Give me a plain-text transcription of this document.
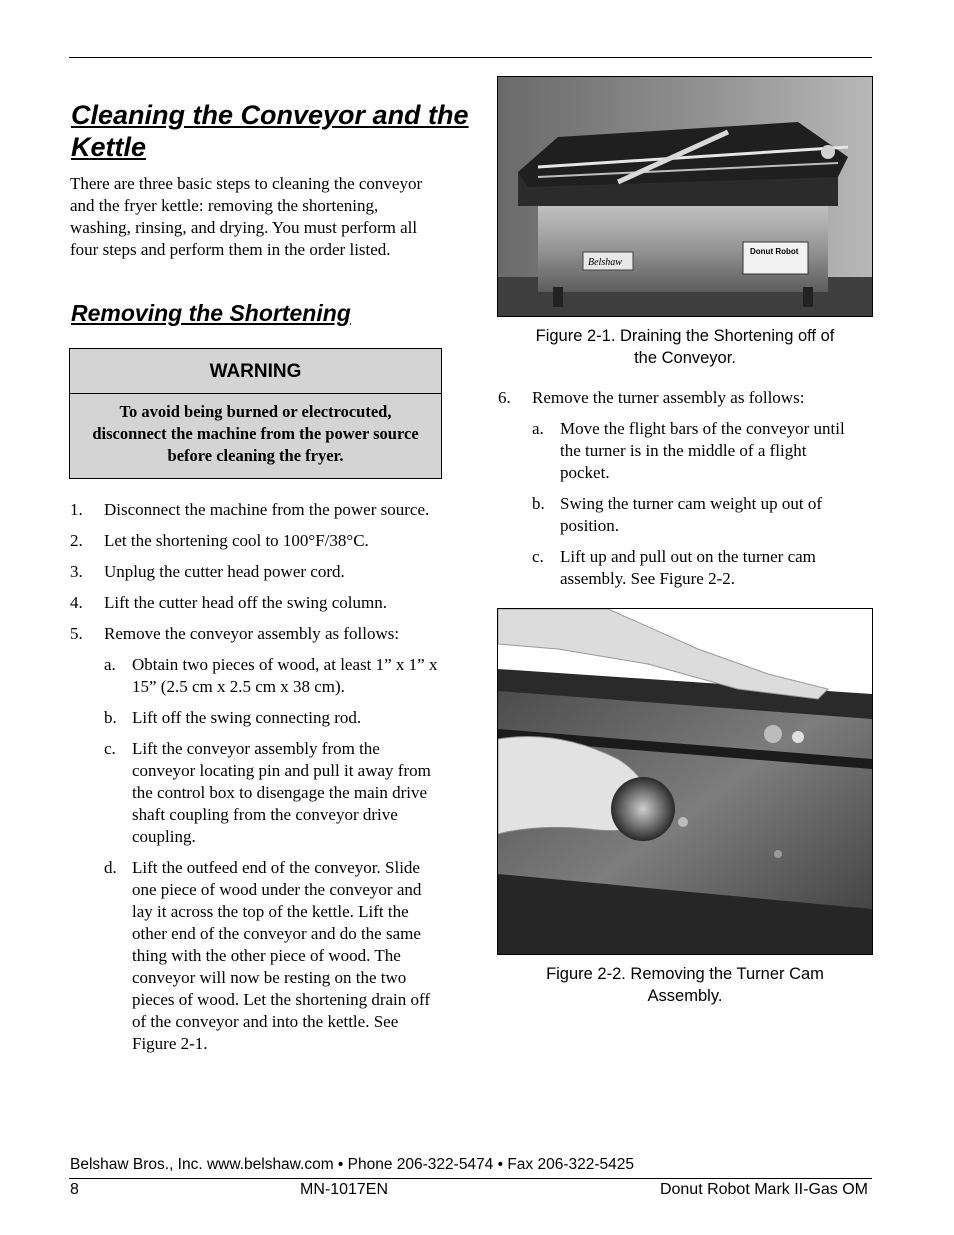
Cleaning the Conveyor and the Kettle

There are three basic steps to cleaning the conveyor and the fryer kettle: removing the shortening, washing, rinsing, and drying. You must perform all four steps and perform them in the order listed.

Removing the Shortening
WARNING
To avoid being burned or electrocuted, disconnect the machine from the power source before cleaning the fryer.
1. Disconnect the machine from the power source.
2. Let the shortening cool to 100°F/38°C.
3. Unplug the cutter head power cord.
4. Lift the cutter head off the swing column.
5. Remove the conveyor assembly as follows:
a. Obtain two pieces of wood, at least 1” x 1” x 15” (2.5 cm x 2.5 cm x 38 cm).
b. Lift off the swing connecting rod.
c. Lift the conveyor assembly from the conveyor locating pin and pull it away from the control box to disengage the main drive shaft coupling from the conveyor drive coupling.
d. Lift the outfeed end of the conveyor. Slide one piece of wood under the conveyor and lay it across the top of the kettle. Lift the other end of the conveyor and do the same thing with the other piece of wood. The conveyor will now be resting on the two pieces of wood. Let the shortening drain off of the conveyor and into the kettle. See Figure 2-1.
Donut Robot
Belshaw

Figure 2-1. Draining the Shortening off of
the Conveyor.

6. Remove the turner assembly as follows:
a. Move the flight bars of the conveyor until the turner is in the middle of a flight pocket.
b. Swing the turner cam weight up out of position.
c. Lift up and pull out on the turner cam assembly. See Figure 2-2.

Figure 2-2. Removing the Turner Cam
Assembly.

Belshaw Bros., Inc. www.belshaw.com • Phone 206-322-5474 • Fax 206-322-5425
8	MN-1017EN	Donut Robot Mark II-Gas OM
